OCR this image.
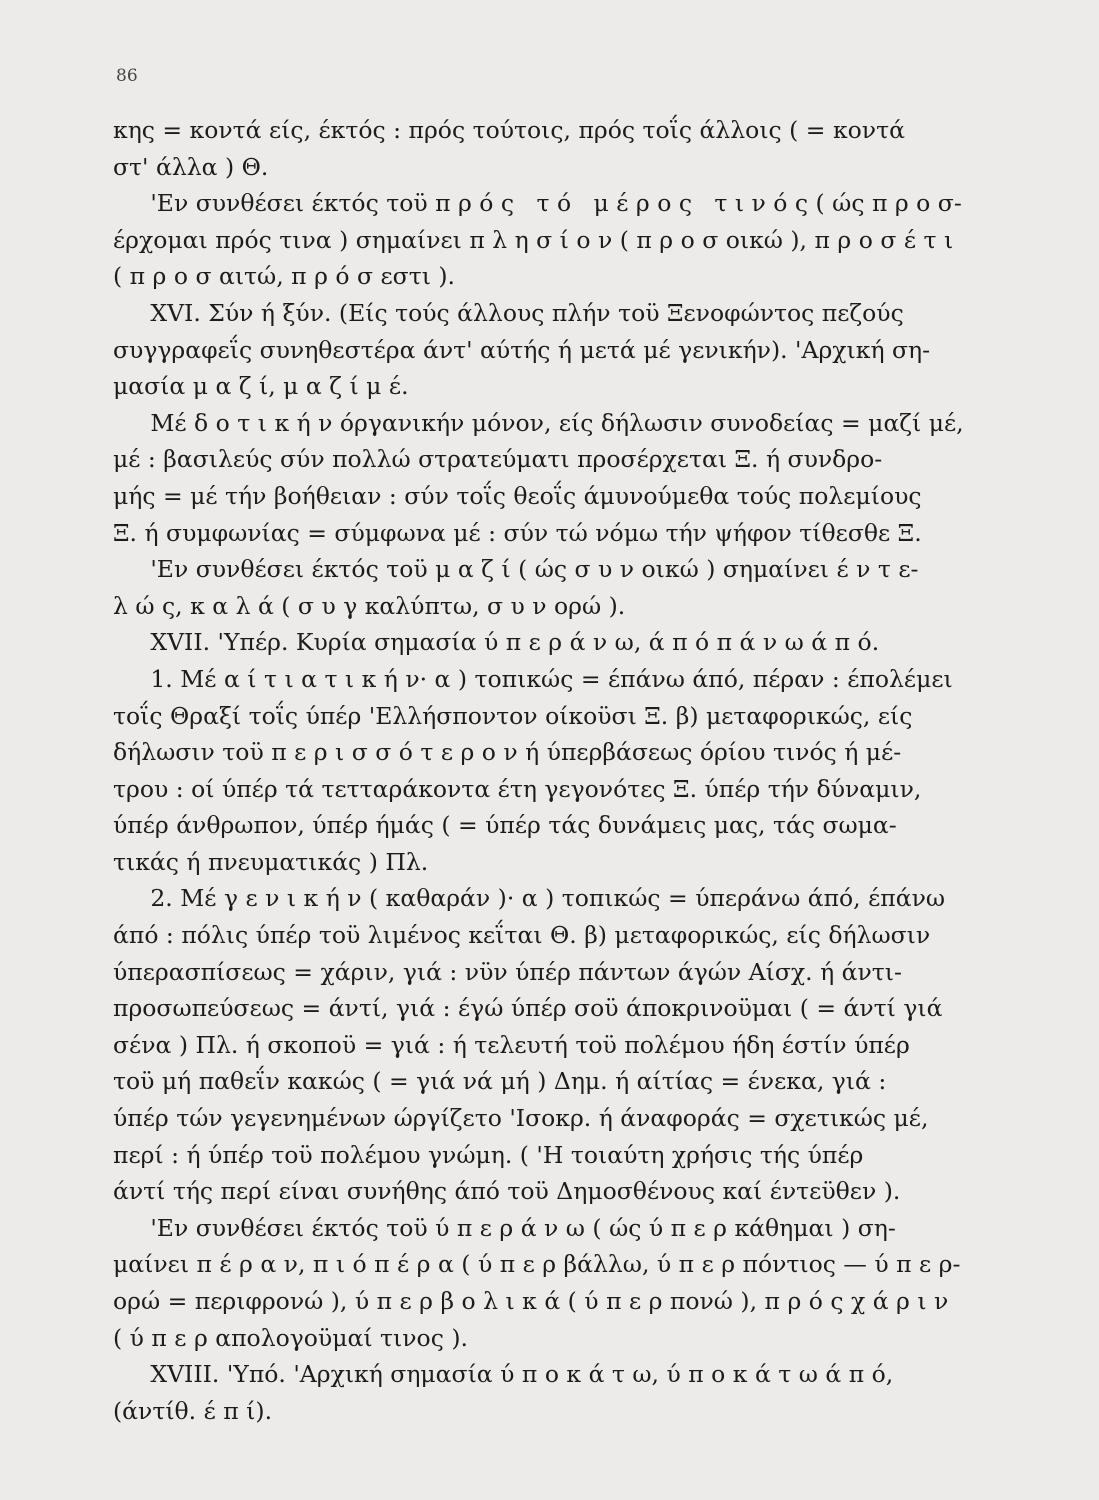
86
κης = κοντά είς, έκτός : πρός τούτοις, πρός τοΐς άλλοις ( = κοντά
στ' άλλα ) Θ.
'Εν συνθέσει έκτός τοϋ π ρ ό ς   τ ό   μ έ ρ ο ς   τ ι ν ό ς ( ώς π ρ ο σ-
έρχομαι πρός τινα ) σημαίνει π λ η σ ί ο ν ( π ρ ο σ οικώ ), π ρ ο σ έ τ ι
( π ρ ο σ αιτώ, π ρ ό σ εστι ).
XVI. Σύν ή ξύν. (Είς τούς άλλους πλήν τοϋ Ξενοφώντος πεζούς
συγγραφεΐς συνηθεστέρα άντ' αύτής ή μετά μέ γενικήν). 'Αρχική ση-
μασία μ α ζ ί, μ α ζ ί μ έ.
Μέ δ ο τ ι κ ή ν όργανικήν μόνον, είς δήλωσιν συνοδείας = μαζί μέ,
μέ : βασιλεύς σύν πολλώ στρατεύματι προσέρχεται Ξ. ή συνδρο-
μής = μέ τήν βοήθειαν : σύν τοΐς θεοΐς άμυνούμεθα τούς πολεμίους
Ξ. ή συμφωνίας = σύμφωνα μέ : σύν τώ νόμω τήν ψήφον τίθεσθε Ξ.
'Εν συνθέσει έκτός τοϋ μ α ζ ί ( ώς σ υ ν οικώ ) σημαίνει έ ν τ ε-
λ ώ ς, κ α λ ά ( σ υ γ καλύπτω, σ υ ν ορώ ).
XVII. 'Υπέρ. Κυρία σημασία ύ π ε ρ ά ν ω, ά π ό π ά ν ω ά π ό.
1. Μέ α ί τ ι α τ ι κ ή ν· α ) τοπικώς = έπάνω άπό, πέραν : έπολέμει
τοΐς Θραξί τοΐς ύπέρ 'Ελλήσποντον οίκοϋσι Ξ. β) μεταφορικώς, είς
δήλωσιν τοϋ π ε ρ ι σ σ ό τ ε ρ ο ν ή ύπερβάσεως όρίου τινός ή μέ-
τρου : οί ύπέρ τά τετταράκοντα έτη γεγονότες Ξ. ύπέρ τήν δύναμιν,
ύπέρ άνθρωπον, ύπέρ ήμάς ( = ύπέρ τάς δυνάμεις μας, τάς σωμα-
τικάς ή πνευματικάς ) Πλ.
2. Μέ γ ε ν ι κ ή ν ( καθαράν )· α ) τοπικώς = ύπεράνω άπό, έπάνω
άπό : πόλις ύπέρ τοϋ λιμένος κεΐται Θ. β) μεταφορικώς, είς δήλωσιν
ύπερασπίσεως = χάριν, γιά : νϋν ύπέρ πάντων άγών Αίσχ. ή άντι-
προσωπεύσεως = άντί, γιά : έγώ ύπέρ σοϋ άποκρινοϋμαι ( = άντί γιά
σένα ) Πλ. ή σκοποϋ = γιά : ή τελευτή τοϋ πολέμου ήδη έστίν ύπέρ
τοϋ μή παθεΐν κακώς ( = γιά νά μή ) Δημ. ή αίτίας = ένεκα, γιά :
ύπέρ τών γεγενημένων ώργίζετο 'Ισοκρ. ή άναφοράς = σχετικώς μέ,
περί : ή ύπέρ τοϋ πολέμου γνώμη. ( 'Η τοιαύτη χρήσις τής ύπέρ
άντί τής περί είναι συνήθης άπό τοϋ Δημοσθένους καί έντεϋθεν ).
'Εν συνθέσει έκτός τοϋ ύ π ε ρ ά ν ω ( ώς ύ π ε ρ κάθημαι ) ση-
μαίνει π έ ρ α ν, π ι ό π έ ρ α ( ύ π ε ρ βάλλω, ύ π ε ρ πόντιος — ύ π ε ρ-
ορώ = περιφρονώ ), ύ π ε ρ β ο λ ι κ ά ( ύ π ε ρ πονώ ), π ρ ό ς χ ά ρ ι ν
( ύ π ε ρ απολογοϋμαί τινος ).
XVIII. 'Υπό. 'Αρχική σημασία ύ π ο κ ά τ ω, ύ π ο κ ά τ ω ά π ό,
(άντίθ. έ π ί).
